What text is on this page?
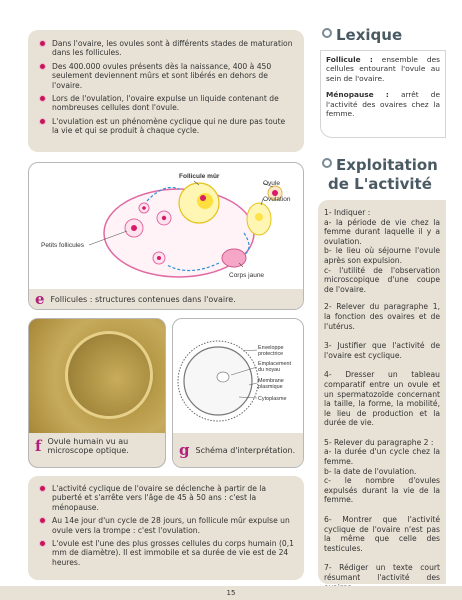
Dans l'ovaire, les ovules sont à différents stades de maturation dans les follicules.
Des 400.000 ovules présents dès la naissance, 400 à 450 seulement deviennent mûrs et sont libérés en dehors de l'ovaire.
Lors de l'ovulation, l'ovaire expulse un liquide contenant de nombreuses cellules dont l'ovule.
L'ovulation est un phénomène cyclique qui ne dure pas toute la vie et qui se produit à chaque cycle.
Follicule mûr
Ovule
Ovulation
Petits follicules
Corps jaune
e Follicules : structures contenues dans l'ovaire.
f Ovule humain vu au
microscope optique.
Enveloppe
protectrice
Emplacement
du noyau
Membrane
plasmique
Cytoplasme
g Schéma d'interprétation.
L'activité cyclique de l'ovaire se déclenche à partir de la puberté et s'arrête vers l'âge de 45 à 50 ans : c'est la ménopause.
Au 14e jour d'un cycle de 28 jours, un follicule mûr expulse un ovule vers la trompe : c'est l'ovulation.
L'ovule est l'une des plus grosses cellules du corps humain (0,1 mm de diamètre). Il est immobile et sa durée de vie est de 24 heures.
Lexique

Follicule : ensemble des cellules entourant l'ovule au sein de l'ovaire.

Ménopause : arrêt de l'activité des ovaires chez la femme.

Exploitation
de L'activité
1- Indiquer :
a- la période de vie chez la femme durant laquelle il y a ovulation.
b- le lieu où séjourne l'ovule après son expulsion.
c- l'utilité de l'observation microscopique d'une coupe de l'ovaire.

2- Relever du paragraphe 1, la fonction des ovaires et de l'utérus.

3- Justifier que l'activité de l'ovaire est cyclique.

4- Dresser un tableau comparatif entre un ovule et un spermatozoïde concernant la taille, la forme, la mobilité, le lieu de production et la durée de vie.

5- Relever du paragraphe 2 :
a- la durée d'un cycle chez la femme.
b- la date de l'ovulation.
c- le nombre d'ovules expulsés durant la vie de la femme.

6- Montrer que l'activité cyclique de l'ovaire n'est pas la même que celle des testicules.

7- Rédiger un texte court résumant l'activité des

15
